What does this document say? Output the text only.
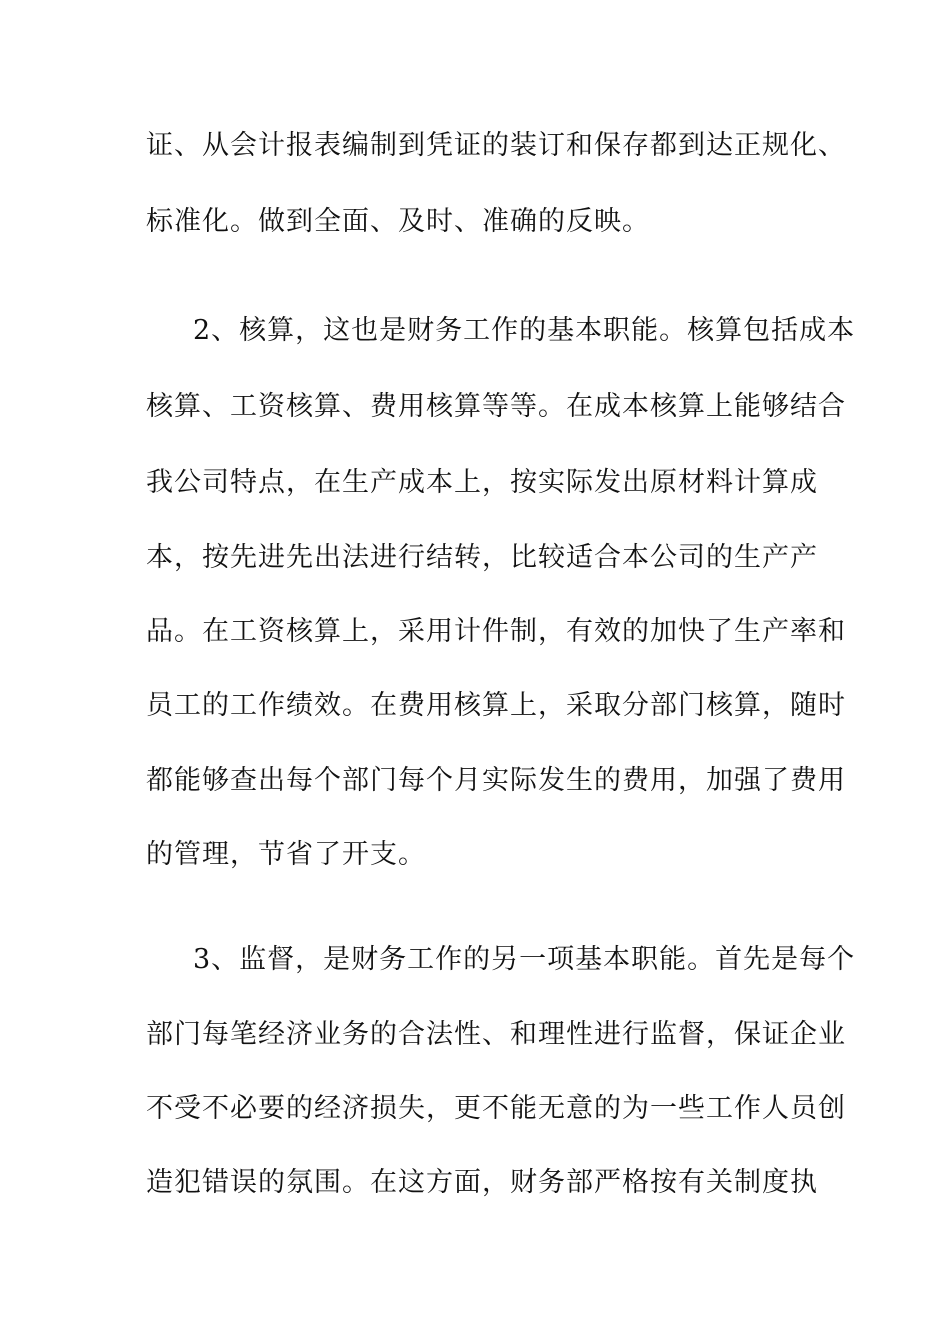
证、从会计报表编制到凭证的装订和保存都到达正规化、
标准化。做到全面、及时、准确的反映。
2、核算，这也是财务工作的基本职能。核算包括成本
核算、工资核算、费用核算等等。在成本核算上能够结合
我公司特点，在生产成本上，按实际发出原材料计算成
本，按先进先出法进行结转，比较适合本公司的生产产
品。在工资核算上，采用计件制，有效的加快了生产率和
员工的工作绩效。在费用核算上，采取分部门核算，随时
都能够查出每个部门每个月实际发生的费用，加强了费用
的管理，节省了开支。
3、监督，是财务工作的另一项基本职能。首先是每个
部门每笔经济业务的合法性、和理性进行监督，保证企业
不受不必要的经济损失，更不能无意的为一些工作人员创
造犯错误的氛围。在这方面，财务部严格按有关制度执
